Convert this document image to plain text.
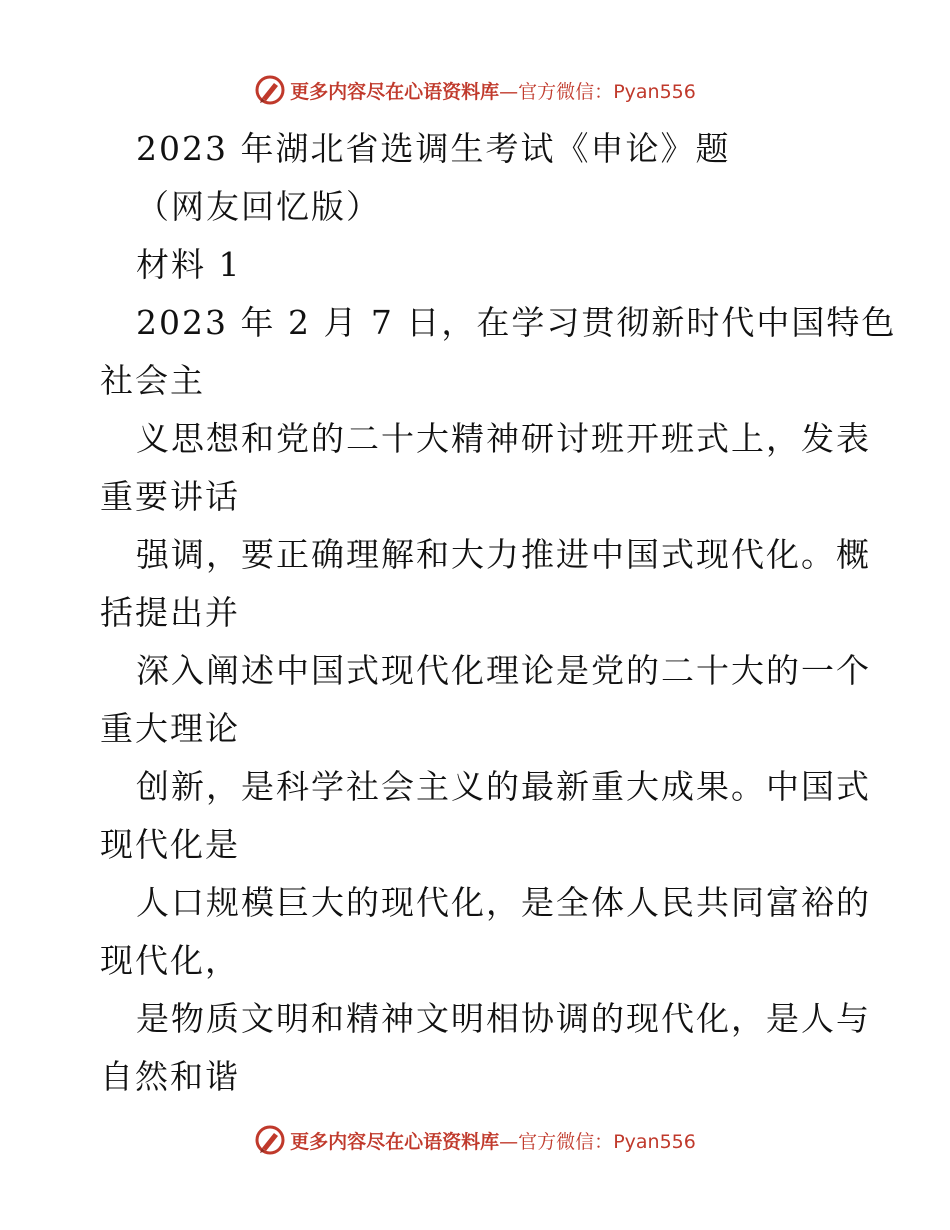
更多内容尽在心语资料库—官方微信：Pyan556
2023 年湖北省选调生考试《申论》题
（网友回忆版）
材料 1
2023 年 2 月 7 日，在学习贯彻新时代中国特色
社会主
义思想和党的二十大精神研讨班开班式上，发表
重要讲话
强调，要正确理解和大力推进中国式现代化。概
括提出并
深入阐述中国式现代化理论是党的二十大的一个
重大理论
创新，是科学社会主义的最新重大成果。中国式
现代化是
人口规模巨大的现代化，是全体人民共同富裕的
现代化，
是物质文明和精神文明相协调的现代化，是人与
自然和谐
更多内容尽在心语资料库—官方微信：Pyan556
